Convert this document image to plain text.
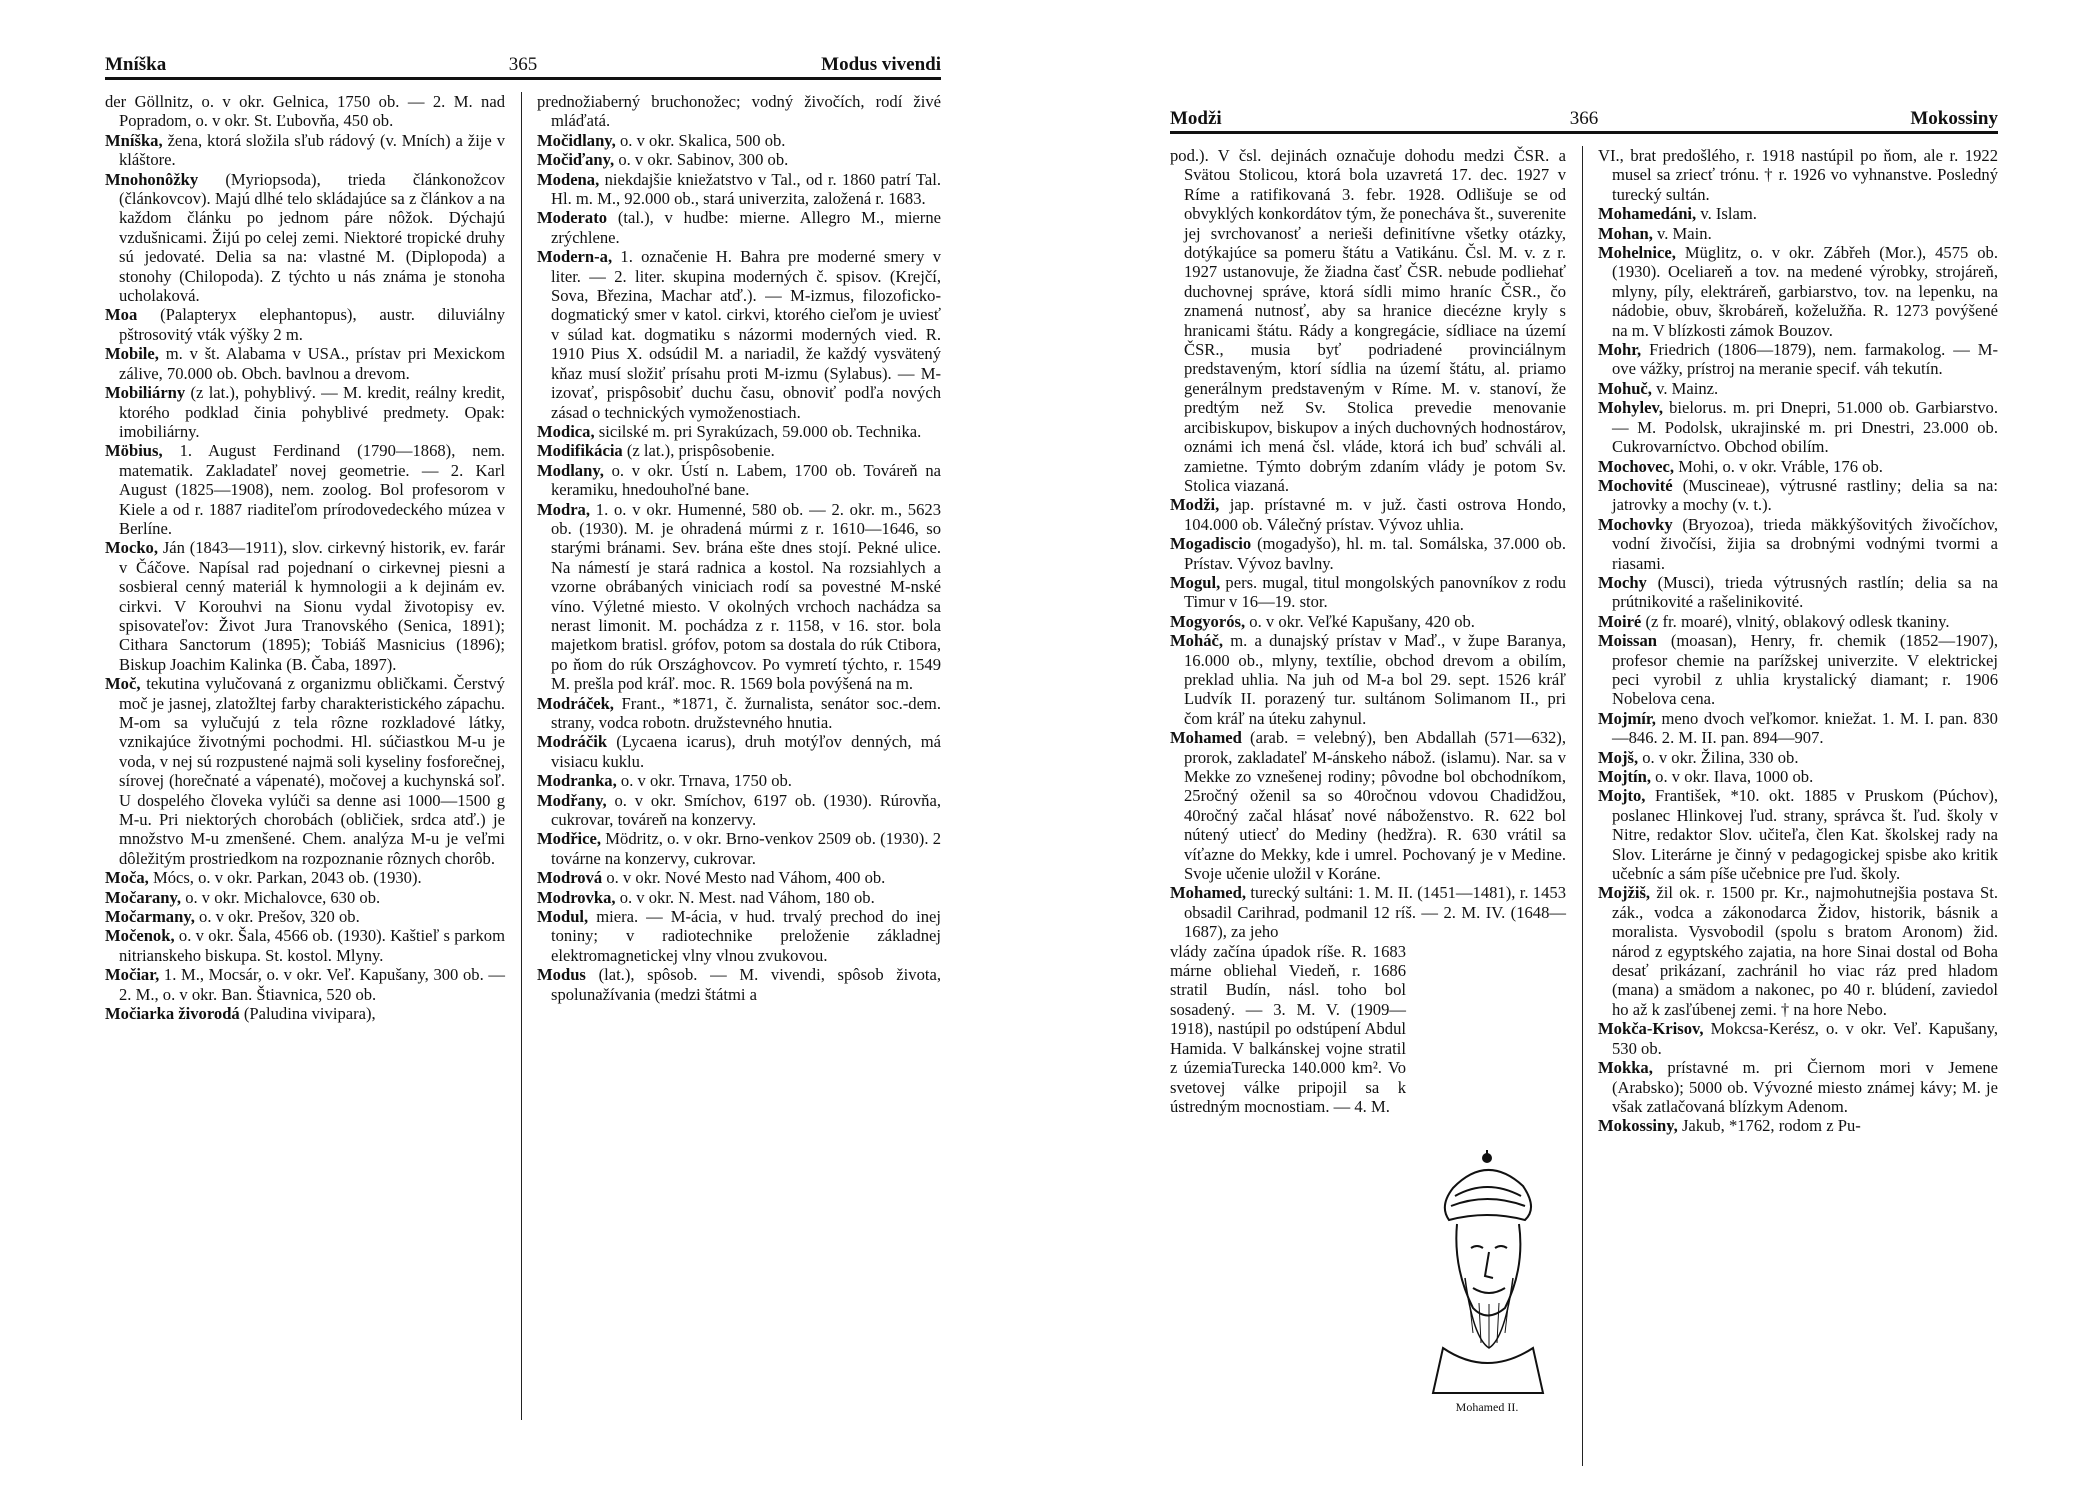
Mníška	365	Modus vivendi

der Göllnitz, o. v okr. Gelnica, 1750 ob. — 2. M. nad Popradom, o. v okr. St. Ľubovňa, 450 ob.

Mníška, žena, ktorá složila sľub rádový (v. Mních) a žije v kláštore.

Mnohonôžky (Myriopsoda), trieda článkonožcov (článkovcov). Majú dlhé telo skládajúce sa z článkov a na každom článku po jednom páre nôžok. Dýchajú vzdušnicami. Žijú po celej zemi. Niektoré tropické druhy sú jedovaté. Delia sa na: vlastné M. (Diplopoda) a stonohy (Chilopoda). Z týchto u nás známa je stonoha ucholaková.

Moa (Palapteryx elephantopus), austr. diluviálny pštrosovitý vták výšky 2 m.

Mobile, m. v št. Alabama v USA., prístav pri Mexickom zálive, 70.000 ob. Obch. bavlnou a drevom.

Mobiliárny (z lat.), pohyblivý. — M. kredit, reálny kredit, ktorého podklad činia pohyblivé predmety. Opak: imobiliárny.

Möbius, 1. August Ferdinand (1790—1868), nem. matematik. Zakladateľ novej geometrie. — 2. Karl August (1825—1908), nem. zoolog. Bol profesorom v Kiele a od r. 1887 riaditeľom prírodovedeckého múzea v Berlíne.

Mocko, Ján (1843—1911), slov. cirkevný historik, ev. farár v Čáčove. Napísal rad pojednaní o cirkevnej piesni a sosbieral cenný materiál k hymnologii a k dejinám ev. cirkvi. V Korouhvi na Sionu vydal životopisy ev. spisovateľov: Život Jura Tranovského (Senica, 1891); Cithara Sanctorum (1895); Tobiáš Masnicius (1896); Biskup Joachim Kalinka (B. Čaba, 1897).

Moč, tekutina vylučovaná z organizmu obličkami. Čerstvý moč je jasnej, zlatožltej farby charakteristického zápachu. M-om sa vylučujú z tela rôzne rozkladové látky, vznikajúce životnými pochodmi. Hl. súčiastkou M-u je voda, v nej sú rozpustené najmä soli kyseliny fosforečnej, sírovej (horečnaté a vápenaté), močovej a kuchynská soľ. U dospelého človeka vylúči sa denne asi 1000—1500 g M-u. Pri niektorých chorobách (obličiek, srdca atď.) je množstvo M-u zmenšené. Chem. analýza M-u je veľmi dôležitým prostriedkom na rozpoznanie rôznych chorôb.

Moča, Mócs, o. v okr. Parkan, 2043 ob. (1930).

Močarany, o. v okr. Michalovce, 630 ob.

Močarmany, o. v okr. Prešov, 320 ob.

Močenok, o. v okr. Šala, 4566 ob. (1930). Kaštieľ s parkom nitrianskeho biskupa. St. kostol. Mlyny.

Močiar, 1. M., Mocsár, o. v okr. Veľ. Kapušany, 300 ob. — 2. M., o. v okr. Ban. Štiavnica, 520 ob.

Močiarka živorodá (Paludina vivipara),

prednožiaberný bruchonožec; vodný živočích, rodí živé mláďatá.

Močidlany, o. v okr. Skalica, 500 ob.

Močiďany, o. v okr. Sabinov, 300 ob.

Modena, niekdajšie kniežatstvo v Tal., od r. 1860 patrí Tal. Hl. m. M., 92.000 ob., stará univerzita, založená r. 1683.

Moderato (tal.), v hudbe: mierne. Allegro M., mierne zrýchlene.

Modern-a, 1. označenie H. Bahra pre moderné smery v liter. — 2. liter. skupina moderných č. spisov. (Krejčí, Sova, Březina, Machar atď.). — M-izmus, filozoficko-dogmatický smer v katol. cirkvi, ktorého cieľom je uviesť v súlad kat. dogmatiku s názormi moderných vied. R. 1910 Pius X. odsúdil M. a nariadil, že každý vysvätený kňaz musí složiť prísahu proti M-izmu (Sylabus). — M-izovať, prispôsobiť duchu času, obnoviť podľa nových zásad o technických vymoženostiach.

Modica, sicilské m. pri Syrakúzach, 59.000 ob. Technika.

Modifikácia (z lat.), prispôsobenie.

Modlany, o. v okr. Ústí n. Labem, 1700 ob. Továreň na keramiku, hnedouhoľné bane.

Modra, 1. o. v okr. Humenné, 580 ob. — 2. okr. m., 5623 ob. (1930). M. je ohradená múrmi z r. 1610—1646, so starými bránami. Sev. brána ešte dnes stojí. Pekné ulice. Na námestí je stará radnica a kostol. Na rozsiahlych a vzorne obrábaných viniciach rodí sa povestné M-nské víno. Výletné miesto. V okolných vrchoch nachádza sa nerast limonit. M. pochádza z r. 1158, v 16. stor. bola majetkom bratisl. grófov, potom sa dostala do rúk Ctibora, po ňom do rúk Országhovcov. Po vymretí týchto, r. 1549 M. prešla pod kráľ. moc. R. 1569 bola povýšená na m.

Modráček, Frant., *1871, č. žurnalista, senátor soc.-dem. strany, vodca robotn. družstevného hnutia.

Modráčik (Lycaena icarus), druh motýľov denných, má visiacu kuklu.

Modranka, o. v okr. Trnava, 1750 ob.

Modřany, o. v okr. Smíchov, 6197 ob. (1930). Rúrovňa, cukrovar, továreň na konzervy.

Modřice, Mödritz, o. v okr. Brno-venkov 2509 ob. (1930). 2 továrne na konzervy, cukrovar.

Modrová o. v okr. Nové Mesto nad Váhom, 400 ob.

Modrovka, o. v okr. N. Mest. nad Váhom, 180 ob.

Modul, miera. — M-ácia, v hud. trvalý prechod do inej toniny; v radiotechnike preloženie základnej elektromagnetickej vlny vlnou zvukovou.

Modus (lat.), spôsob. — M. vivendi, spôsob života, spolunažívania (medzi štátmi a

Modži	366	Mokossiny

pod.). V čsl. dejinách označuje dohodu medzi ČSR. a Svätou Stolicou, ktorá bola uzavretá 17. dec. 1927 v Ríme a ratifikovaná 3. febr. 1928. Odlišuje se od obvyklých konkordátov tým, že ponecháva št., suverenite jej svrchovanosť a nerieši definitívne všetky otázky, dotýkajúce sa pomeru štátu a Vatikánu. Čsl. M. v. z r. 1927 ustanovuje, že žiadna časť ČSR. nebude podliehať duchovnej správe, ktorá sídli mimo hraníc ČSR., čo znamená nutnosť, aby sa hranice diecézne kryly s hranicami štátu. Rády a kongregácie, sídliace na území ČSR., musia byť podriadené provinciálnym predstaveným, ktorí sídlia na území štátu, al. priamo generálnym predstaveným v Ríme. M. v. stanoví, že predtým než Sv. Stolica prevedie menovanie arcibiskupov, biskupov a iných duchovných hodnostárov, oznámi ich mená čsl. vláde, ktorá ich buď schváli al. zamietne. Týmto dobrým zdaním vlády je potom Sv. Stolica viazaná.

Modži, jap. prístavné m. v juž. časti ostrova Hondo, 104.000 ob. Válečný prístav. Vývoz uhlia.

Mogadiscio (mogadyšo), hl. m. tal. Somálska, 37.000 ob. Prístav. Vývoz bavlny.

Mogul, pers. mugal, titul mongolských panovníkov z rodu Timur v 16—19. stor.

Mogyorós, o. v okr. Veľké Kapušany, 420 ob.

Moháč, m. a dunajský prístav v Maď., v župe Baranya, 16.000 ob., mlyny, textílie, obchod drevom a obilím, preklad uhlia. Na juh od M-a bol 29. sept. 1526 kráľ Ludvík II. porazený tur. sultánom Solimanom II., pri čom kráľ na úteku zahynul.

Mohamed (arab. = velebný), ben Abdallah (571—632), prorok, zakladateľ M-ánskeho nábož. (islamu). Nar. sa v Mekke zo vznešenej rodiny; pôvodne bol obchodníkom, 25ročný oženil sa so 40ročnou vdovou Chadidžou, 40ročný začal hlásať nové náboženstvo. R. 622 bol nútený utiecť do Mediny (hedžra). R. 630 vrátil sa víťazne do Mekky, kde i umrel. Pochovaný je v Medine. Svoje učenie uložil v Koráne.

Mohamed, turecký sultáni: 1. M. II. (1451—1481), r. 1453 obsadil Carihrad, podmanil 12 ríš. — 2. M. IV. (1648—1687), za jeho

vlády začína úpadok ríše. R. 1683 márne obliehal Viedeň, r. 1686 stratil Budín, násl. toho bol sosadený. — 3. M. V. (1909—1918), nastúpil po odstúpení Abdul Hamida. V balkánskej vojne stratil z územiaTurecka 140.000 km². Vo svetovej válke pripojil sa k ústredným mocnostiam. — 4. M.
Mohamed II.

VI., brat predošlého, r. 1918 nastúpil po ňom, ale r. 1922 musel sa zrieсť trónu. † r. 1926 vo vyhnanstve. Posledný turecký sultán.

Mohamedáni, v. Islam.

Mohan, v. Main.

Mohelnice, Müglitz, o. v okr. Zábřeh (Mor.), 4575 ob. (1930). Oceliareň a tov. na medené výrobky, strojáreň, mlyny, píly, elektráreň, garbiarstvo, tov. na lepenku, na nádobie, obuv, škrobáreň, koželužňa. R. 1273 povýšené na m. V blízkosti zámok Bouzov.

Mohr, Friedrich (1806—1879), nem. farmakolog. — M-ove vážky, prístroj na meranie specif. váh tekutín.

Mohuč, v. Mainz.

Mohylev, bielorus. m. pri Dnepri, 51.000 ob. Garbiarstvo. — M. Podolsk, ukrajinské m. pri Dnestri, 23.000 ob. Cukrovarníctvo. Obchod obilím.

Mochovec, Mohi, o. v okr. Vráble, 176 ob.

Mochovité (Muscineae), výtrusné rastliny; delia sa na: jatrovky a mochy (v. t.).

Mochovky (Bryozoa), trieda mäkkýšovitých živočíchov, vodní živočísi, žijia sa drobnými vodnými tvormi a riasami.

Mochy (Musci), trieda výtrusných rastlín; delia sa na prútnikovité a rašelinikovité.

Moiré (z fr. moaré), vlnitý, oblakový odlesk tkaniny.

Moissan (moasan), Henry, fr. chemik (1852—1907), profesor chemie na parížskej univerzite. V elektrickej peci vyrobil z uhlia krystalický diamant; r. 1906 Nobelova cena.

Mojmír, meno dvoch veľkomor. kniežat. 1. M. I. pan. 830—846. 2. M. II. pan. 894—907.

Mojš, o. v okr. Žilina, 330 ob.

Mojtín, o. v okr. Ilava, 1000 ob.

Mojto, František, *10. okt. 1885 v Pruskom (Púchov), poslanec Hlinkovej ľud. strany, správca št. ľud. školy v Nitre, redaktor Slov. učiteľa, člen Kat. školskej rady na Slov. Literárne je činný v pedagogickej spisbe ako kritik učebníc a sám píše učebnice pre ľud. školy.

Mojžiš, žil ok. r. 1500 pr. Kr., najmohutnejšia postava St. zák., vodca a zákonodarca Židov, historik, básnik a moralista. Vysvobodil (spolu s bratom Aronom) žid. národ z egyptského zajatia, na hore Sinai dostal od Boha desať prikázaní, zachránil ho viac ráz pred hladom (mana) a smädom a nakonec, po 40 r. blúdení, zaviedol ho až k zasľúbenej zemi. † na hore Nebo.

Mokča-Krisov, Mokcsa-Kerész, o. v okr. Veľ. Kapušany, 530 ob.

Mokka, prístavné m. pri Čiernom mori v Jemene (Arabsko); 5000 ob. Vývozné miesto známej kávy; M. je však zatlačovaná blízkym Adenom.

Mokossiny, Jakub, *1762, rodom z Pu-
